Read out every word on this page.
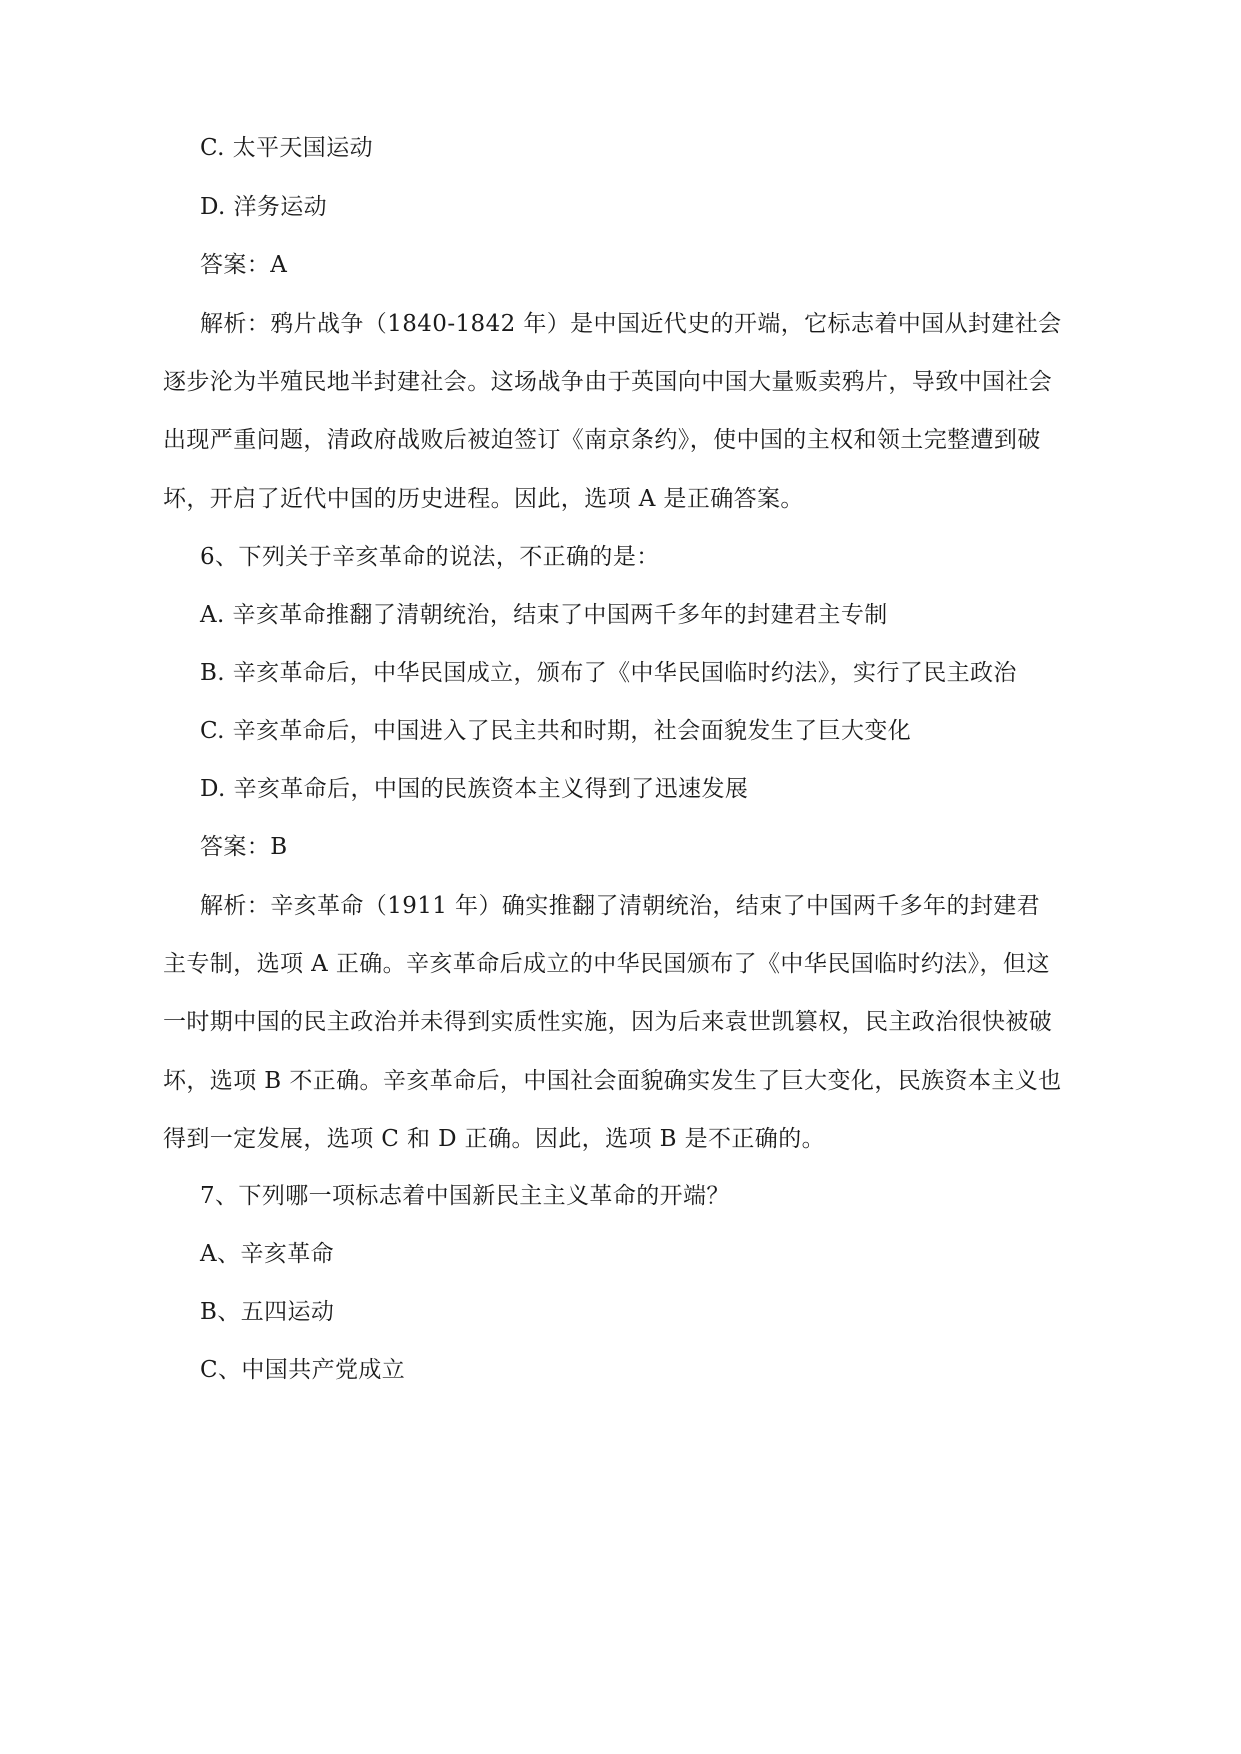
C. 太平天国运动
D. 洋务运动
答案：A
解析：鸦片战争（1840-1842 年）是中国近代史的开端，它标志着中国从封建社会
逐步沦为半殖民地半封建社会。这场战争由于英国向中国大量贩卖鸦片，导致中国社会
出现严重问题，清政府战败后被迫签订《南京条约》，使中国的主权和领土完整遭到破
坏，开启了近代中国的历史进程。因此，选项 A 是正确答案。
6、下列关于辛亥革命的说法，不正确的是：
A. 辛亥革命推翻了清朝统治，结束了中国两千多年的封建君主专制
B. 辛亥革命后，中华民国成立，颁布了《中华民国临时约法》，实行了民主政治
C. 辛亥革命后，中国进入了民主共和时期，社会面貌发生了巨大变化
D. 辛亥革命后，中国的民族资本主义得到了迅速发展
答案：B
解析：辛亥革命（1911 年）确实推翻了清朝统治，结束了中国两千多年的封建君
主专制，选项 A 正确。辛亥革命后成立的中华民国颁布了《中华民国临时约法》，但这
一时期中国的民主政治并未得到实质性实施，因为后来袁世凯篡权，民主政治很快被破
坏，选项 B 不正确。辛亥革命后，中国社会面貌确实发生了巨大变化，民族资本主义也
得到一定发展，选项 C 和 D 正确。因此，选项 B 是不正确的。
7、下列哪一项标志着中国新民主主义革命的开端？
A、辛亥革命
B、五四运动
C、中国共产党成立
